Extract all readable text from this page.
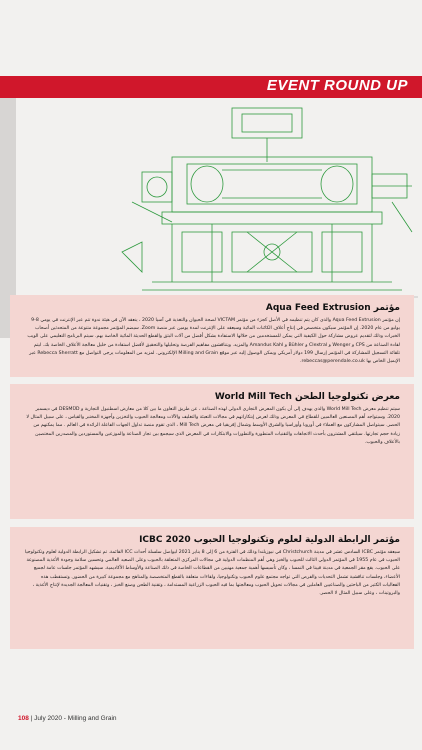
EVENT ROUND UP
مؤتمر Aqua Feed Extrusion

إن مؤتمر Aqua Feed Extrusion والذي كان يتم تنظيمه في الأصل كجزء من مؤتمر VICTAM لصحة الحيوان والتغذية في آسيا 2020 ، ينعقد الآن في هيئة ندوة تتم عبر الإنترنت في يومي 8-9 يوليو من عام 2020. إن المؤتمر سيكون متخصص في إنتاج أعلاف الكائنات المائية وسيعقد على الإنترنت لمدة يومين عبر منصة Zoom. سيضم المؤتمر مجموعة متنوعة من المتحدثين أصحاب الخبرات وذلك لتقديم عروض مشاركة حول الكيفية التي يمكن للمستخدمين من خلالها الاستفادة بشكل أفضل من آلات البثق والقطع الحديثة المائية الخاصة بهم. سيتم البرنامج التعليمي على الويب لقادة الصناعة من CPS و Wenger و Clextral و Bühler و Amandus Kahl والمزيد. ويتناقشون مفاهيم الفرصة وتحليلها والتحقيق لأفضل استفادة من خليل معالجة الأعلاف الخاصة بك. ليتم تلقائة التسجيل للمشاركة في المؤتمر إرسال 199 دولار أمريكي ويمكن الوصول إليه عبر موقع Milling and Grain الإلكتروني. لمزيد من المعلومات يرجى التواصل مع Rebecca Sherratt عبر الإيميل الخاص بها rebeccas@perendale.co.uk.

معرض تكنولوجيا الطحن World Mill Tech

سيتم تنظيم معرض World Mill Tech والذي يهدف إلى أن يكون المعرض التجاري الدولي لهذه الصناعة ، عن طريق التعاون ما بين كلا من معارض اسطنبول التجارية و DESMÜD في ديسمبر 2020. وسيتواجد أهم المصنعين العالميين للقطاع في المعرض وذلك لعرض إبتكاراتهم في مجالات التعبئة والتغليف والآلات ومعالجة الحبوب والتخزين وأجهزة المختبر والقياس ، على سبيل المثال لا الحصر. سيتواصل المشاركون مع العملاء في أوروبا وأوراسيا والشرق الأوسط وشمال إفريقيا في معرض Mill Tech ، الذي تقوم منصة تداول الجهات الفاعلة الرائدة في العالم . مما يمكنهم من زيادة حجم تجارتها. سيلتقي المشترون بأحدث الاتجاهات والتقنيات المتطورة والتطورات والابتكارات في المعرض الذي سيجمع بين تجار الصناعة والموزعين والمستوردين والمصدرين المختصين بالأعلاف والحبوب.

مؤتمر الرابطة الدولية لعلوم وتكنولوجيا الحبوب ICBC 2020

سيعقد مؤتمر ICBC السادس عشر في مدينة Christchurch في نيوزيلندا وذلك في الفترة من 6 إلى 8 يناير 2021 ليواصل سلسلة أحداث ICC القائمة. تم تشكيل الرابطة الدولية لعلوم وتكنولوجيا الحبوب في عام 1955 في المؤتمر الدولي الثالث للحبوب والخبز وهي أهم المنظمات الدولية في مجالات المركزي المتعلقة بالحبوب وعلى الصعيد العالمي وتحسين سلامة وجودة الأغذية المصنوعة على الحبوب. يقع مقر الجمعية في مدينة فيينا في النمسا ، وكان تأسيسها أهمية جمعية مهنيين من القطاعات الخاصة في ذلك الصناعة والأوساط الأكاديمية. سيشهد المؤتمر جلسات عامة لجميع الأعضاء، وجلسات تناقشية تشمل التحديات والفرص التي تواجه مجتمع علوم الحبوب وتكنولوجيا، ولقاءات متعلقة بالقطع المتخصصة والمناهج مع مجموعة كبيرة من الحضور. وتستقطب هذه الفعاليات الكثير من الباحثين والصناعيين العاملين في مجالات تحويل الحبوب ومعالجتها بما فيه الحبوب الزراعية المستدامة ، وتقنية الطحن وصنع الخبز ، وتقنيات المعالجة الجديدة لإنتاج الأغذية ، والبروتينات ، وعلى سبيل المثال لا الحصر.

108 | July 2020 - Milling and Grain
